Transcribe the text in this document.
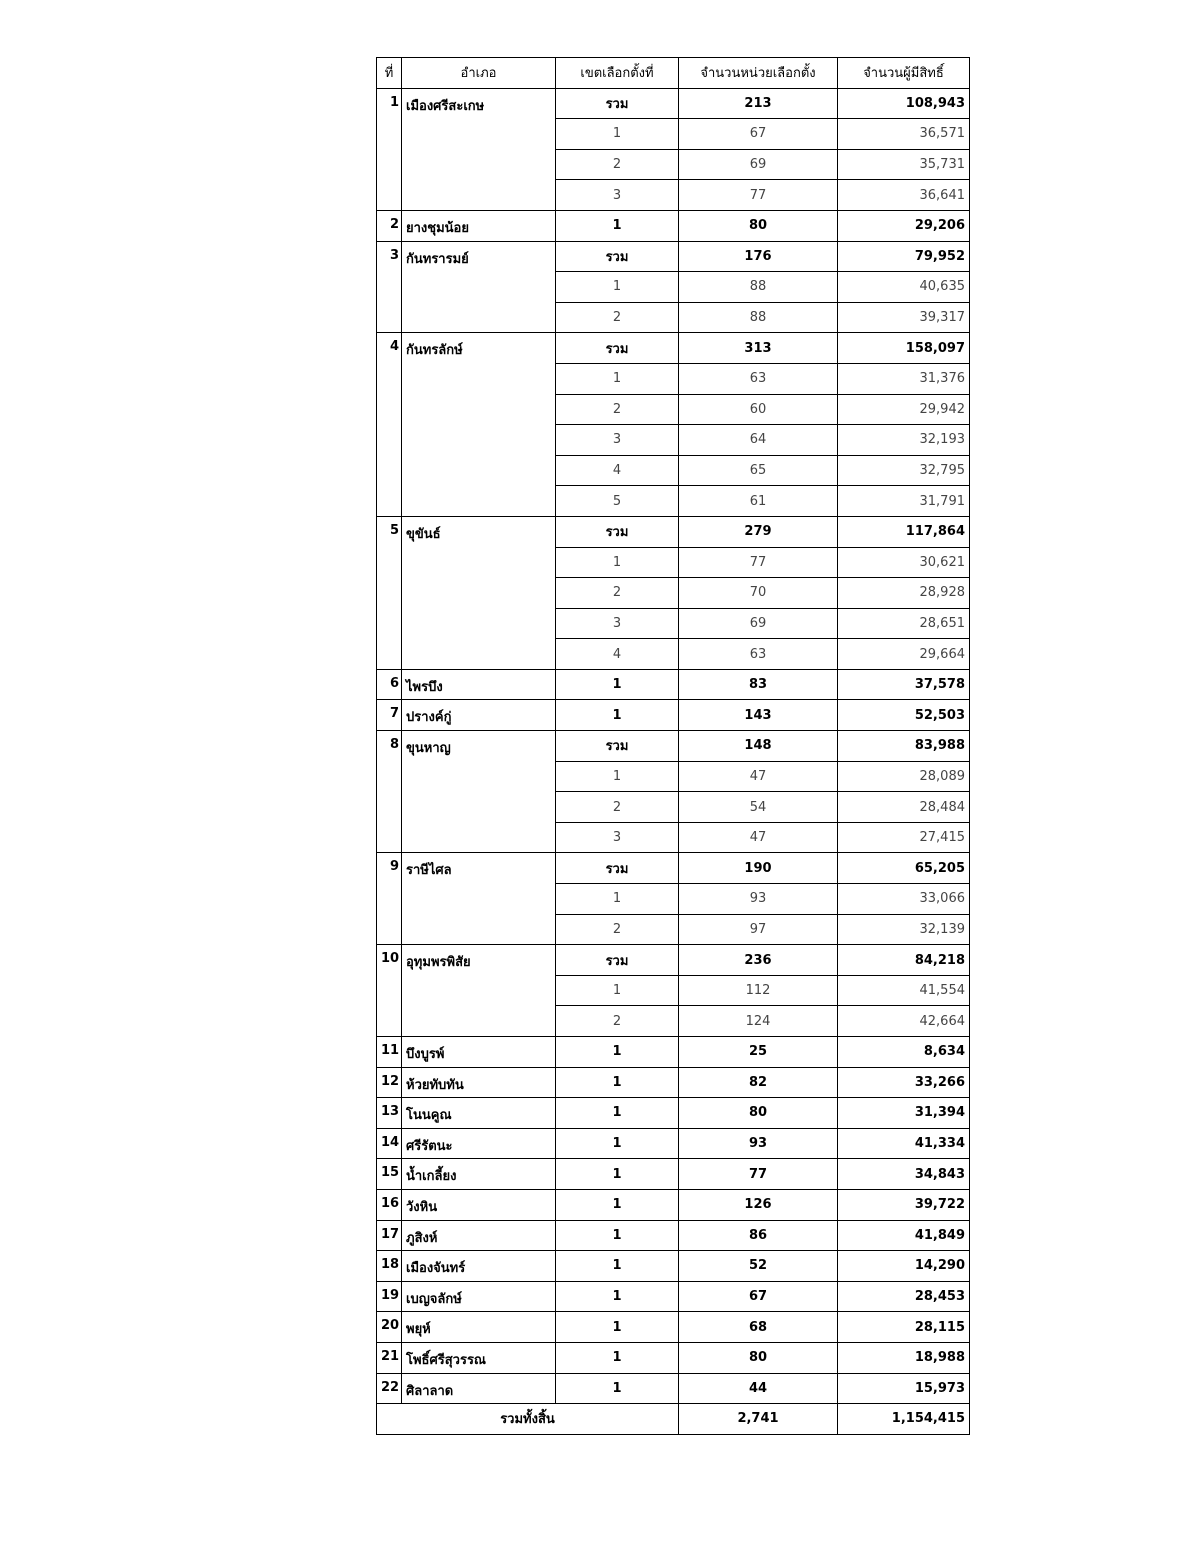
ที่	อำเภอ	เขตเลือกตั้งที่	จำนวนหน่วยเลือกตั้ง	จำนวนผู้มีสิทธิ์
1	เมืองศรีสะเกษ	รวม	213	108,943
		1	67	36,571
		2	69	35,731
		3	77	36,641
2	ยางชุมน้อย	1	80	29,206
3	กันทรารมย์	รวม	176	79,952
		1	88	40,635
		2	88	39,317
4	กันทรลักษ์	รวม	313	158,097
		1	63	31,376
		2	60	29,942
		3	64	32,193
		4	65	32,795
		5	61	31,791
5	ขุขันธ์	รวม	279	117,864
		1	77	30,621
		2	70	28,928
		3	69	28,651
		4	63	29,664
6	ไพรบึง	1	83	37,578
7	ปรางค์กู่	1	143	52,503
8	ขุนหาญ	รวม	148	83,988
		1	47	28,089
		2	54	28,484
		3	47	27,415
9	ราษีไศล	รวม	190	65,205
		1	93	33,066
		2	97	32,139
10	อุทุมพรพิสัย	รวม	236	84,218
		1	112	41,554
		2	124	42,664
11	บึงบูรพ์	1	25	8,634
12	ห้วยทับทัน	1	82	33,266
13	โนนคูณ	1	80	31,394
14	ศรีรัตนะ	1	93	41,334
15	น้ำเกลี้ยง	1	77	34,843
16	วังหิน	1	126	39,722
17	ภูสิงห์	1	86	41,849
18	เมืองจันทร์	1	52	14,290
19	เบญจลักษ์	1	67	28,453
20	พยุห์	1	68	28,115
21	โพธิ์ศรีสุวรรณ	1	80	18,988
22	ศิลาลาด	1	44	15,973
รวมทั้งสิ้น			2,741	1,154,415
